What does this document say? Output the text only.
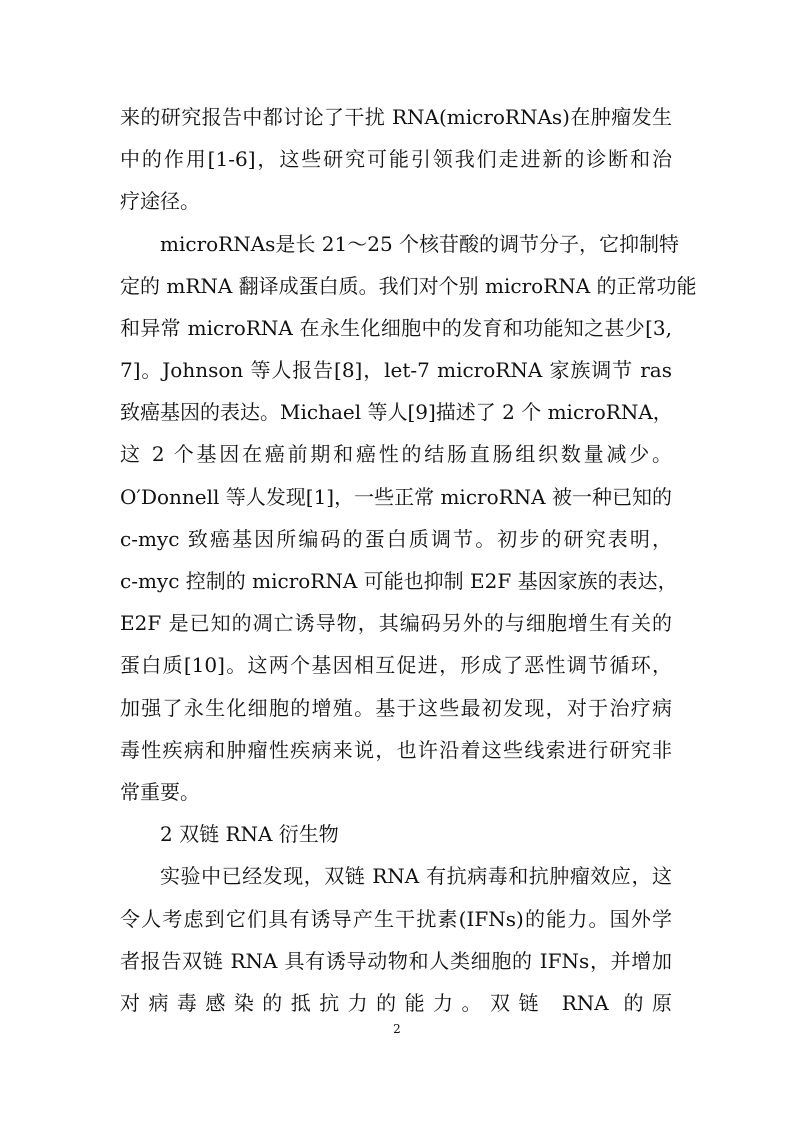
来的研究报告中都讨论了干扰 RNA(microRNAs)在肿瘤发生
中的作用[1-6]，这些研究可能引领我们走进新的诊断和治
疗途径。
microRNAs是长 21～25 个核苷酸的调节分子，它抑制特
定的 mRNA 翻译成蛋白质。我们对个别 microRNA 的正常功能
和异常 microRNA 在永生化细胞中的发育和功能知之甚少[3,
7]。Johnson 等人报告[8]，let-7 microRNA 家族调节 ras
致癌基因的表达。Michael 等人[9]描述了 2 个 microRNA，
这 2 个基因在癌前期和癌性的结肠直肠组织数量减少。
O′Donnell 等人发现[1]，一些正常 microRNA 被一种已知的
c-myc 致癌基因所编码的蛋白质调节。初步的研究表明，
c-myc 控制的 microRNA 可能也抑制 E2F 基因家族的表达，
E2F 是已知的凋亡诱导物，其编码另外的与细胞增生有关的
蛋白质[10]。这两个基因相互促进，形成了恶性调节循环，
加强了永生化细胞的增殖。基于这些最初发现，对于治疗病
毒性疾病和肿瘤性疾病来说，也许沿着这些线索进行研究非
常重要。
2 双链 RNA 衍生物
实验中已经发现，双链 RNA 有抗病毒和抗肿瘤效应，这
令人考虑到它们具有诱导产生干扰素(IFNs)的能力。国外学
者报告双链 RNA 具有诱导动物和人类细胞的 IFNs，并增加
对病毒感染的抵抗力的能力。双链 RNA 的原
2
